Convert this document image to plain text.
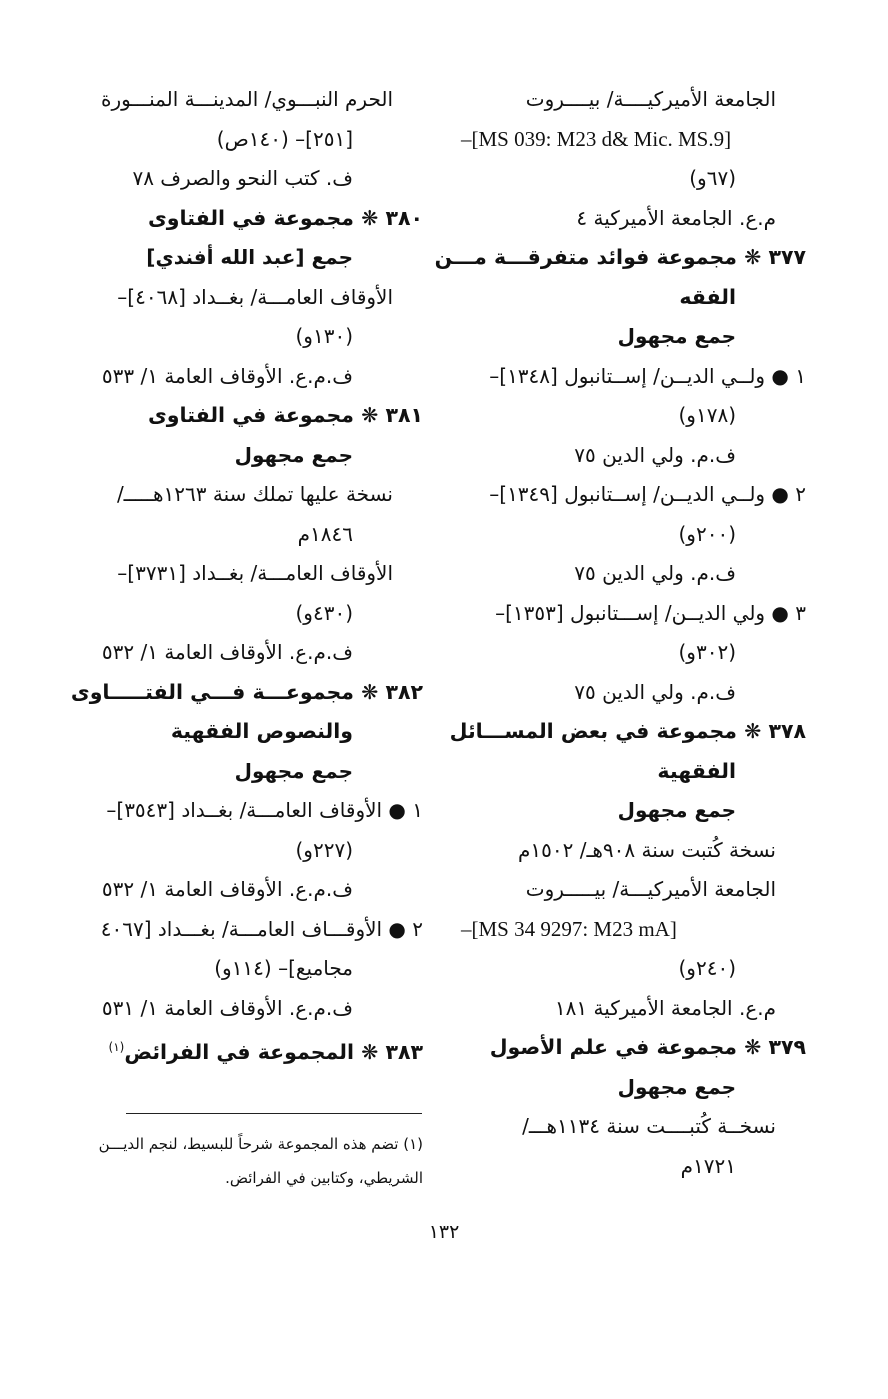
الجامعة الأميركيــــة/ بيــــروت
–[MS 039: M23 d& Mic. MS.9]
(٦٧و)
م.ع. الجامعة الأميركية ٤
٣٧٧ ❋ مجموعة فوائد متفرقـــة مـــن
الفقه
جمع مجهول
١ ● ولــي الديــن/ إســتانبول [١٣٤٨]–
(١٧٨و)
ف.م. ولي الدين ٧٥
٢ ● ولــي الديــن/ إســتانبول [١٣٤٩]–
(٢٠٠و)
ف.م. ولي الدين ٧٥
٣ ● ولي الديــن/ إســـتانبول [١٣٥٣]–
(٣٠٢و)
ف.م. ولي الدين ٧٥
٣٧٨ ❋ مجموعة في بعض المســـائل
الفقهية
جمع مجهول
نسخة كُتبت سنة ٩٠٨هـ/ ١٥٠٢م
الجامعة الأميركيـــة/ بيـــــروت
–[MS 34 9297: M23 mA]
(٢٤٠و)
م.ع. الجامعة الأميركية ١٨١
٣٧٩ ❋ مجموعة في علم الأصول
جمع مجهول
نسخــة كُتبــــت سنة ١١٣٤هـــ/
١٧٢١م
الحرم النبـــوي/ المدينـــة المنـــورة
[٢٥١]– (١٤٠ص)
ف. كتب النحو والصرف ٧٨
٣٨٠ ❋ مجموعة في الفتاوى
جمع [عبد الله أفندي]
الأوقاف العامـــة/ بغــداد [٤٠٦٨]–
(١٣٠و)
ف.م.ع. الأوقاف العامة ١/ ٥٣٣
٣٨١ ❋ مجموعة في الفتاوى
جمع مجهول
نسخة عليها تملك سنة ١٢٦٣هـــــ/
١٨٤٦م
الأوقاف العامـــة/ بغــداد [٣٧٣١]–
(٤٣٠و)
ف.م.ع. الأوقاف العامة ١/ ٥٣٢
٣٨٢ ❋ مجموعـــة فـــي الفتـــــاوى
والنصوص الفقهية
جمع مجهول
١ ● الأوقاف العامـــة/ بغــداد [٣٥٤٣]–
(٢٢٧و)
ف.م.ع. الأوقاف العامة ١/ ٥٣٢
٢ ● الأوقـــاف العامـــة/ بغـــداد [٤٠٦٧
مجاميع]– (١١٤و)
ف.م.ع. الأوقاف العامة ١/ ٥٣١
٣٨٣ ❋ المجموعة في الفرائض$^{(١)}$
(١) تضم هذه المجموعة شرحاً للبسيط، لنجم الديـــن
الشريطي، وكتابين في الفرائض.
١٣٢
